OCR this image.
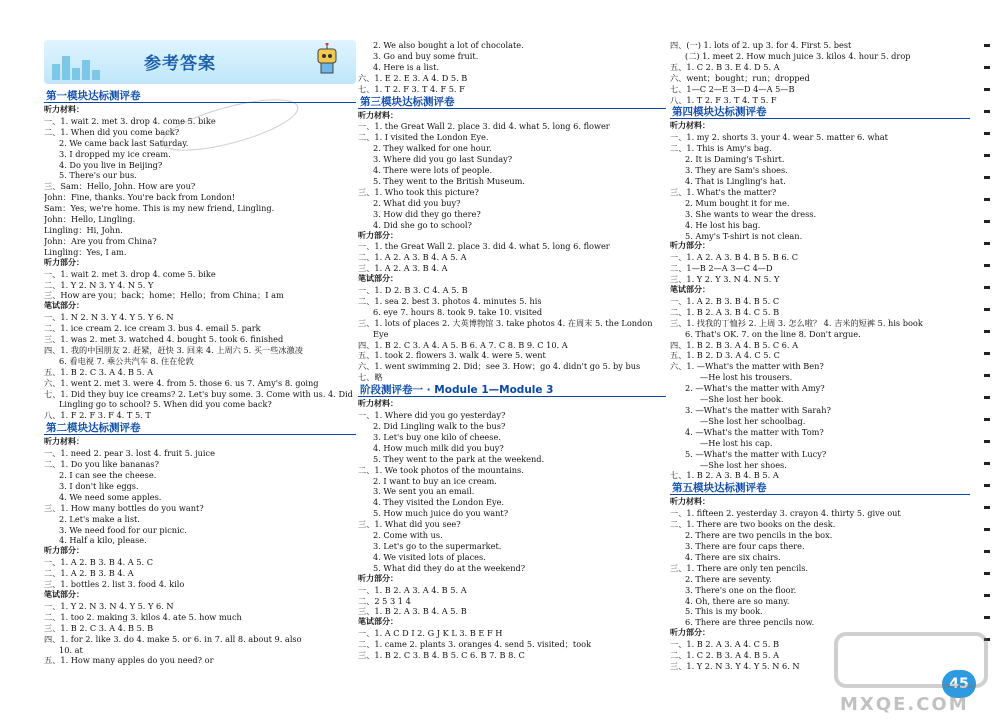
参考答案
第一模块达标测评卷
听力材料：
一、1. wait 2. met 3. drop 4. come 5. bike
二、1. When did you come back?
2. We came back last Saturday.
3. I dropped my ice cream.
4. Do you live in Beijing?
5. There's our bus.
三、Sam：Hello, John. How are you?
John：Fine, thanks. You're back from London!
Sam：Yes, we're home. This is my new friend, Lingling.
John：Hello, Lingling.
Lingling：Hi, John.
John：Are you from China?
Lingling：Yes, I am.
听力部分：
一、1. wait 2. met 3. drop 4. come 5. bike
二、1. Y 2. N 3. Y 4. N 5. Y
三、How are you；back；home；Hello；from China；I am
笔试部分：
一、1. N 2. N 3. Y 4. Y 5. Y 6. N
二、1. ice cream 2. ice cream 3. bus 4. email 5. park
三、1. was 2. met 3. watched 4. bought 5. took 6. finished
四、1. 我的中国朋友 2. 赶紧，赶快 3. 回来 4. 上周六 5. 买一些冰激凌
6. 看电视 7. 乘公共汽车 8. 住在伦敦
五、1. B 2. C 3. A 4. B 5. A
六、1. went 2. met 3. were 4. from 5. those 6. us 7. Amy's 8. going
七、1. Did they buy ice creams? 2. Let's buy some. 3. Come with us. 4. Did
Lingling go to school? 5. When did you come back?
八、1. F 2. F 3. F 4. T 5. T
第二模块达标测评卷
听力材料：
一、1. need 2. pear 3. lost 4. fruit 5. juice
二、1. Do you like bananas?
2. I can see the cheese.
3. I don't like eggs.
4. We need some apples.
三、1. How many bottles do you want?
2. Let's make a list.
3. We need food for our picnic.
4. Half a kilo, please.
听力部分：
一、1. A 2. B 3. B 4. A 5. C
二、1. A 2. B 3. B 4. A
三、1. bottles 2. list 3. food 4. kilo
笔试部分：
一、1. Y 2. N 3. N 4. Y 5. Y 6. N
二、1. too 2. making 3. kilos 4. ate 5. how much
三、1. B 2. C 3. A 4. B 5. B
四、1. for 2. like 3. do 4. make 5. or 6. in 7. all 8. about 9. also
10. at
五、1. How many apples do you need? or
2. We also bought a lot of chocolate.
3. Go and buy some fruit.
4. Here is a list.
六、1. E 2. E 3. A 4. D 5. B
七、1. T 2. F 3. T 4. F 5. F
第三模块达标测评卷
听力材料：
一、1. the Great Wall 2. place 3. did 4. what 5. long 6. flower
二、1. I visited the London Eye.
2. They walked for one hour.
3. Where did you go last Sunday?
4. There were lots of people.
5. They went to the British Museum.
三、1. Who took this picture?
2. What did you buy?
3. How did they go there?
4. Did she go to school?
听力部分：
一、1. the Great Wall 2. place 3. did 4. what 5. long 6. flower
二、1. A 2. A 3. B 4. A 5. A
三、1. A 2. A 3. B 4. A
笔试部分：
一、1. D 2. B 3. C 4. A 5. B
二、1. sea 2. best 3. photos 4. minutes 5. his
6. eye 7. hours 8. took 9. take 10. visited
三、1. lots of places 2. 大英博物馆 3. take photos 4. 在周末 5. the London
Eye
四、1. B 2. C 3. A 4. A 5. B 6. A 7. C 8. B 9. C 10. A
五、1. took 2. flowers 3. walk 4. were 5. went
六、1. went swimming 2. Did；see 3. How；go 4. didn't go 5. by bus
七、略
阶段测评卷一 · Module 1—Module 3
听力材料：
一、1. Where did you go yesterday?
2. Did Lingling walk to the bus?
3. Let's buy one kilo of cheese.
4. How much milk did you buy?
5. They went to the park at the weekend.
二、1. We took photos of the mountains.
2. I want to buy an ice cream.
3. We sent you an email.
4. They visited the London Eye.
5. How much juice do you want?
三、1. What did you see?
2. Come with us.
3. Let's go to the supermarket.
4. We visited lots of places.
5. What did they do at the weekend?
听力部分：
一、1. B 2. A 3. A 4. B 5. A
二、2 5 3 1 4
三、1. B 2. A 3. B 4. A 5. B
笔试部分：
一、1. A C D I 2. G J K L 3. B E F H
二、1. came 2. plants 3. oranges 4. send 5. visited；took
三、1. B 2. C 3. B 4. B 5. C 6. B 7. B 8. C
四、(一) 1. lots of 2. up 3. for 4. First 5. best
(二) 1. meet 2. How much juice 3. kilos 4. hour 5. drop
五、1. C 2. B 3. E 4. D 5. A
六、went；bought；run；dropped
七、1—C 2—E 3—D 4—A 5—B
八、1. T 2. F 3. T 4. T 5. F
第四模块达标测评卷
听力材料：
一、1. my 2. shorts 3. your 4. wear 5. matter 6. what
二、1. This is Amy's bag.
2. It is Daming's T-shirt.
3. They are Sam's shoes.
4. That is Lingling's hat.
三、1. What's the matter?
2. Mum bought it for me.
3. She wants to wear the dress.
4. He lost his bag.
5. Amy's T-shirt is not clean.
听力部分：
一、1. A 2. A 3. B 4. B 5. B 6. C
二、1—B 2—A 3—C 4—D
三、1. Y 2. Y 3. N 4. N 5. Y
笔试部分：
一、1. A 2. B 3. B 4. B 5. C
二、1. B 2. A 3. B 4. C 5. B
三、1. 找我的丁恤衫 2. 上周 3. 怎么啦？ 4. 吉米的短裤 5. his book
6. That's OK. 7. on the line 8. Don't argue.
四、1. B 2. B 3. A 4. B 5. C 6. A
五、1. B 2. D 3. A 4. C 5. C
六、1. —What's the matter with Ben?
—He lost his trousers.
2. —What's the matter with Amy?
—She lost her book.
3. —What's the matter with Sarah?
—She lost her schoolbag.
4. —What's the matter with Tom?
—He lost his cap.
5. —What's the matter with Lucy?
—She lost her shoes.
七、1. B 2. A 3. B 4. B 5. A
第五模块达标测评卷
听力材料：
一、1. fifteen 2. yesterday 3. crayon 4. thirty 5. give out
二、1. There are two books on the desk.
2. There are two pencils in the box.
3. There are four caps there.
4. There are six chairs.
三、1. There are only ten pencils.
2. There are seventy.
3. There's one on the floor.
4. Oh, there are so many.
5. This is my book.
6. There are three pencils now.
听力部分：
一、1. B 2. A 3. A 4. C 5. B
二、1. C 2. B 3. A 4. B 5. A
三、1. Y 2. N 3. Y 4. Y 5. N 6. N
45
MXQE.COM
